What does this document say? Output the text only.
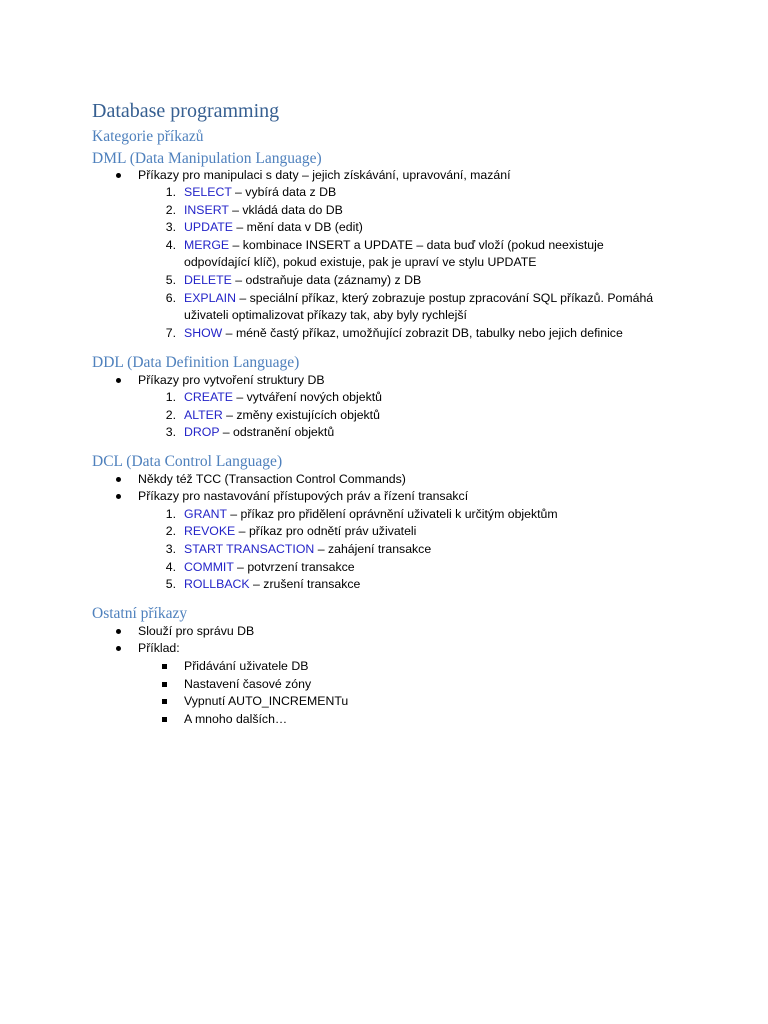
Database programming
Kategorie příkazů
DML (Data Manipulation Language)
Příkazy pro manipulaci s daty – jejich získávání, upravování, mazání
1. SELECT – vybírá data z DB
2. INSERT – vkládá data do DB
3. UPDATE – mění data v DB (edit)
4. MERGE – kombinace INSERT a UPDATE – data buď vloží (pokud neexistuje
odpovídající klíč), pokud existuje, pak je upraví ve stylu UPDATE
5. DELETE – odstraňuje data (záznamy) z DB
6. EXPLAIN – speciální příkaz, který zobrazuje postup zpracování SQL příkazů. Pomáhá
uživateli optimalizovat příkazy tak, aby byly rychlejší
7. SHOW – méně častý příkaz, umožňující zobrazit DB, tabulky nebo jejich definice
DDL (Data Definition Language)
Příkazy pro vytvoření struktury DB
1. CREATE – vytváření nových objektů
2. ALTER – změny existujících objektů
3. DROP – odstranění objektů
DCL (Data Control Language)
Někdy též TCC (Transaction Control Commands)
Příkazy pro nastavování přístupových práv a řízení transakcí
1. GRANT – příkaz pro přidělení oprávnění uživateli k určitým objektům
2. REVOKE – příkaz pro odnětí práv uživateli
3. START TRANSACTION – zahájení transakce
4. COMMIT – potvrzení transakce
5. ROLLBACK – zrušení transakce
Ostatní příkazy
Slouží pro správu DB
Příklad:
Přidávání uživatele DB
Nastavení časové zóny
Vypnutí AUTO_INCREMENTu
A mnoho dalších…
